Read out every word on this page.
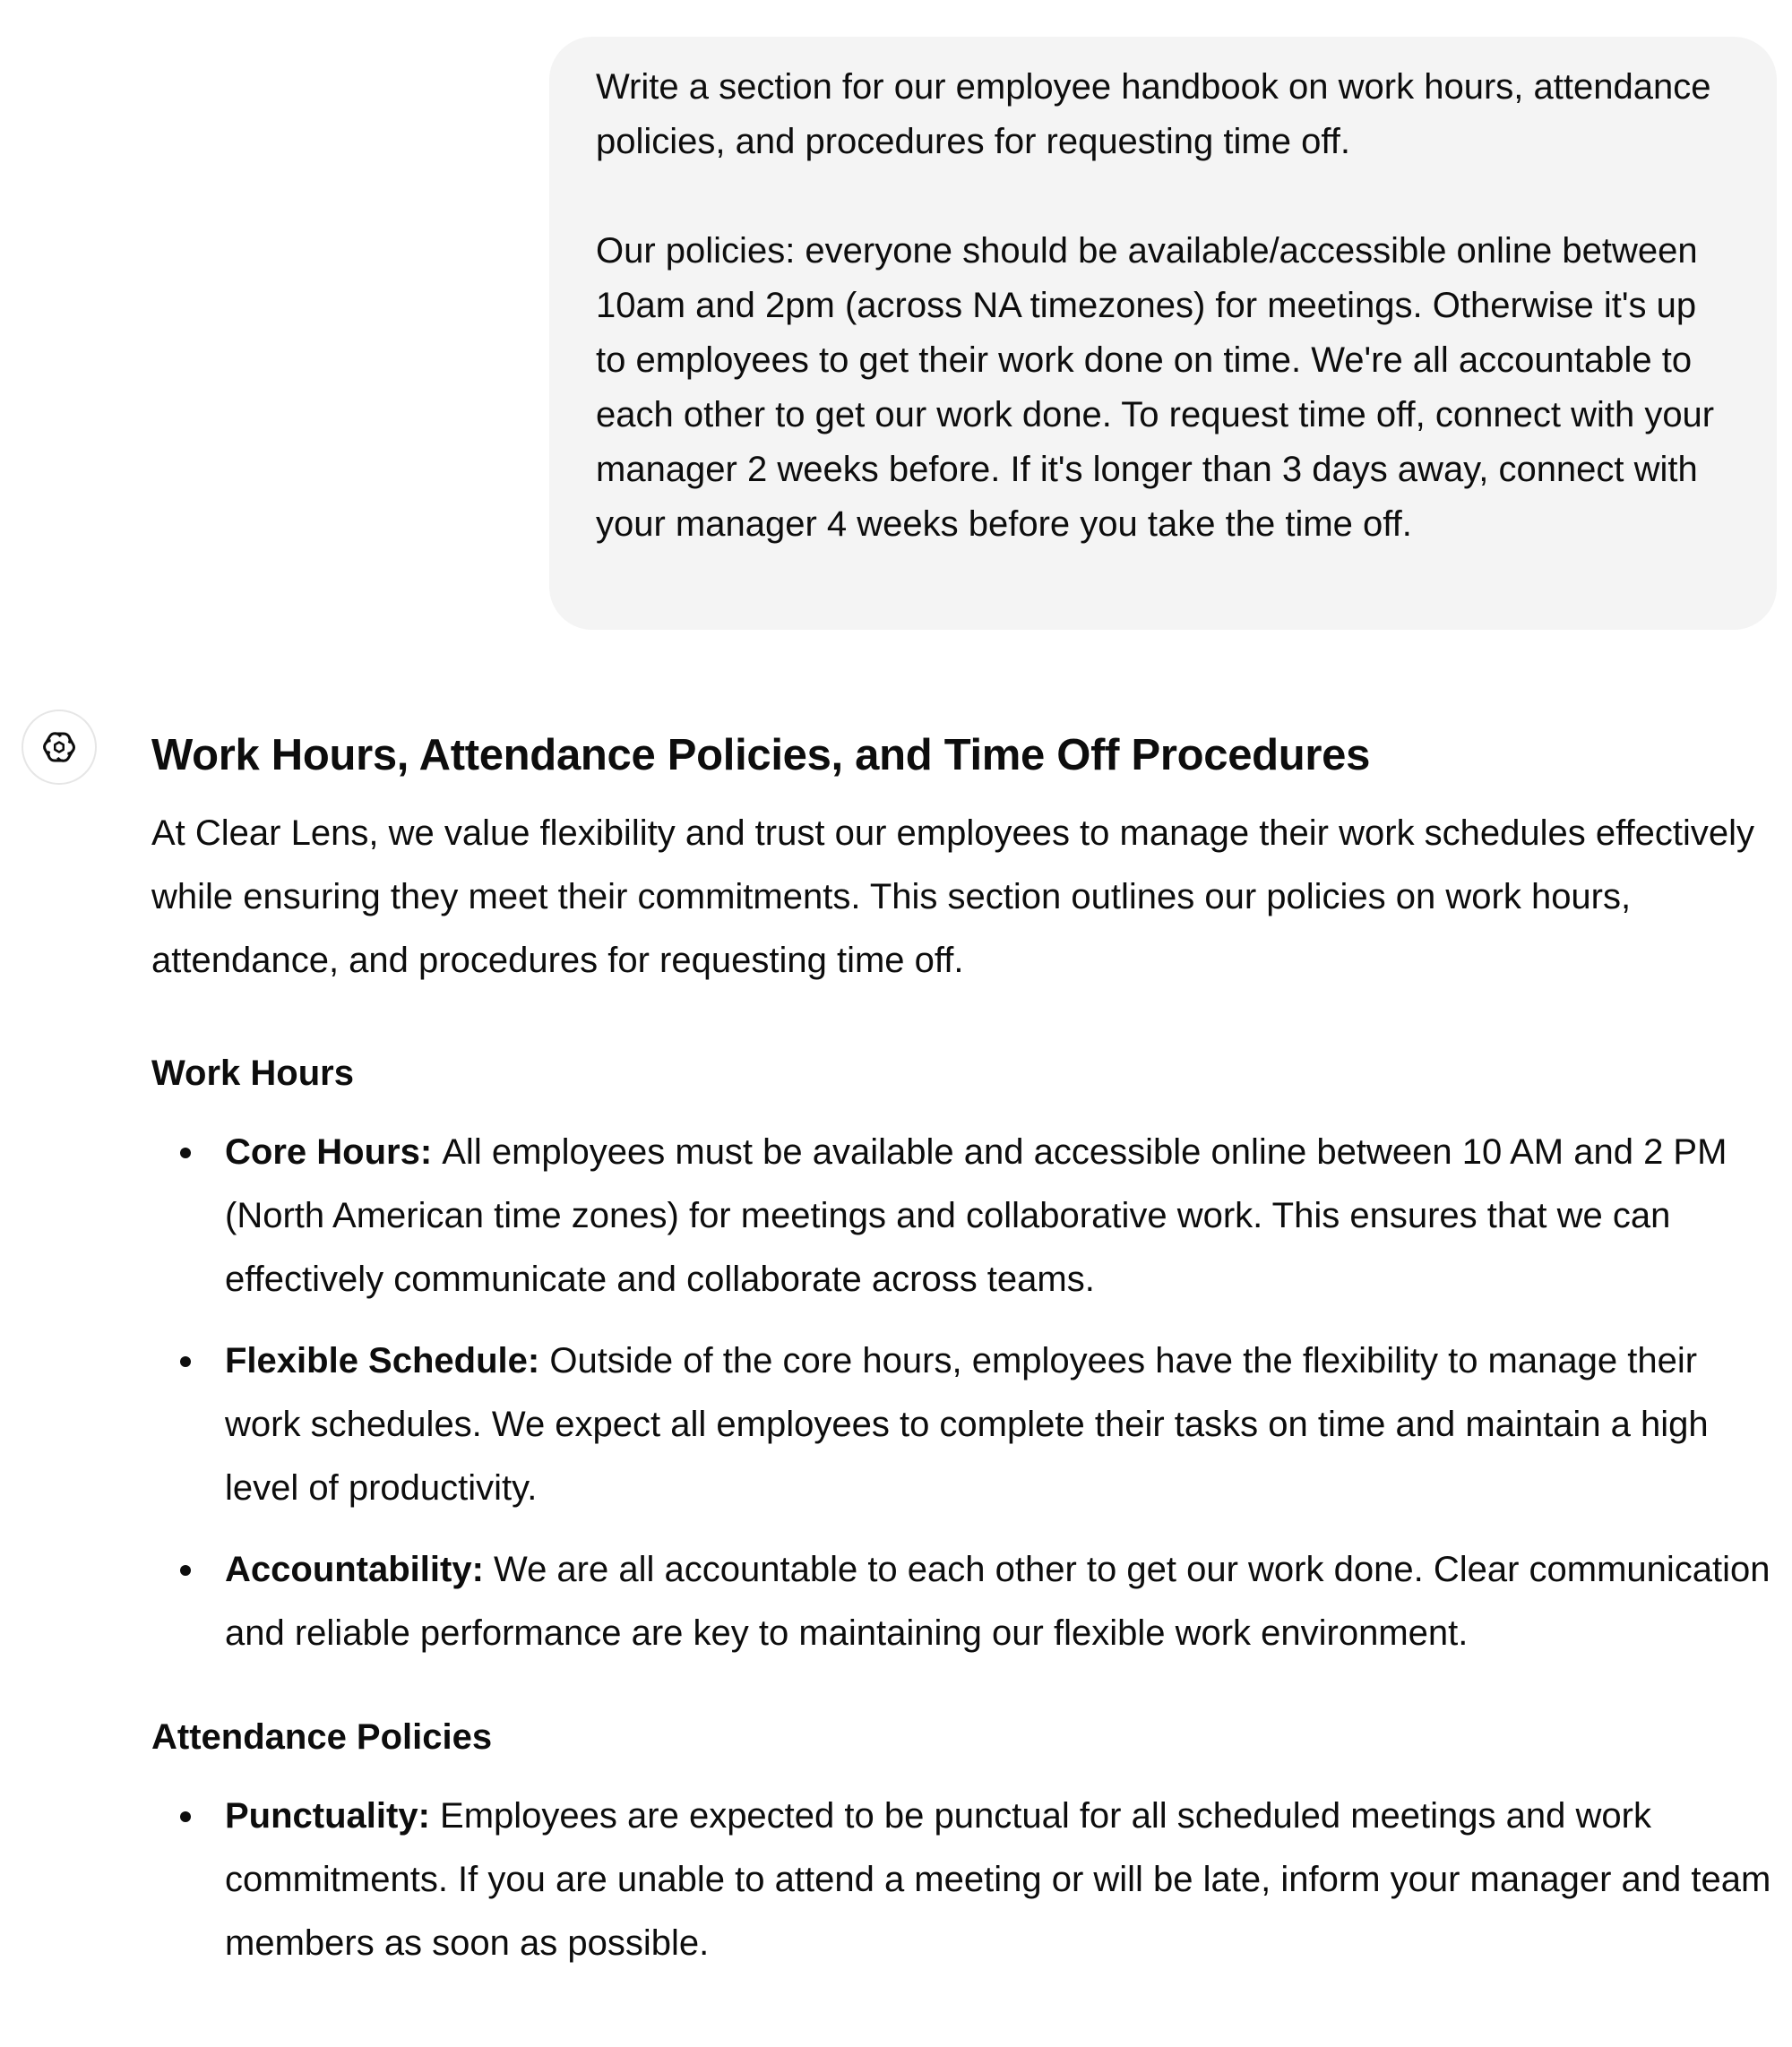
Write a section for our employee handbook on work hours, attendance policies, and procedures for requesting time off.

Our policies: everyone should be available/accessible online between 10am and 2pm (across NA timezones) for meetings. Otherwise it's up to employees to get their work done on time. We're all accountable to each other to get our work done. To request time off, connect with your manager 2 weeks before. If it's longer than 3 days away, connect with your manager 4 weeks before you take the time off.

Work Hours, Attendance Policies, and Time Off Procedures

At Clear Lens, we value flexibility and trust our employees to manage their work schedules effectively while ensuring they meet their commitments. This section outlines our policies on work hours, attendance, and procedures for requesting time off.

Work Hours
Core Hours: All employees must be available and accessible online between 10 AM and 2 PM (North American time zones) for meetings and collaborative work. This ensures that we can effectively communicate and collaborate across teams.
Flexible Schedule: Outside of the core hours, employees have the flexibility to manage their work schedules. We expect all employees to complete their tasks on time and maintain a high level of productivity.
Accountability: We are all accountable to each other to get our work done. Clear communication and reliable performance are key to maintaining our flexible work environment.
Attendance Policies
Punctuality: Employees are expected to be punctual for all scheduled meetings and work commitments. If you are unable to attend a meeting or will be late, inform your manager and team members as soon as possible.
